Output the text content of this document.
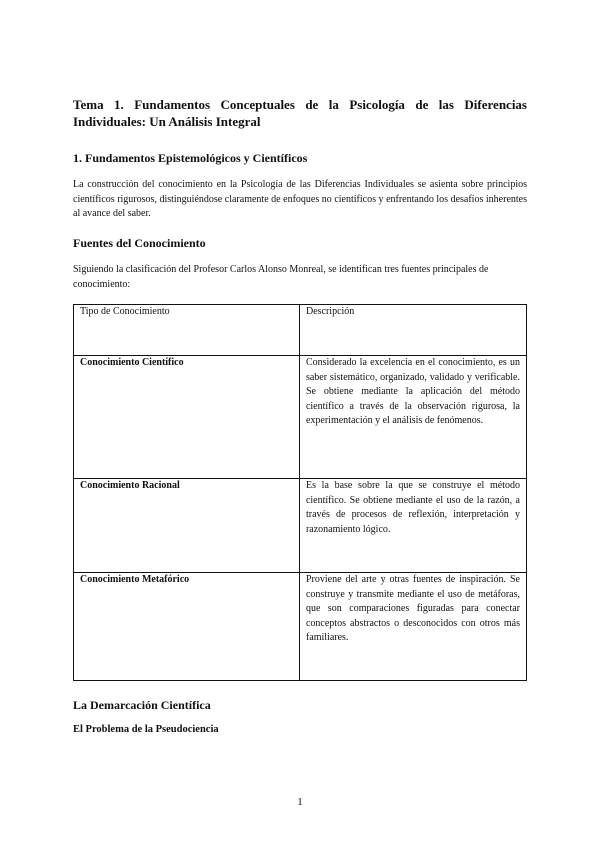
Tema 1. Fundamentos Conceptuales de la Psicología de las Diferencias Individuales: Un Análisis Integral
1. Fundamentos Epistemológicos y Científicos
La construcción del conocimiento en la Psicología de las Diferencias Individuales se asienta sobre principios científicos rigurosos, distinguiéndose claramente de enfoques no científicos y enfrentando los desafíos inherentes al avance del saber.
Fuentes del Conocimiento
Siguiendo la clasificación del Profesor Carlos Alonso Monreal, se identifican tres fuentes principales de conocimiento:
Tipo de Conocimiento	Descripción
Conocimiento Científico	Considerado la excelencia en el conocimiento, es un saber sistemático, organizado, validado y verificable. Se obtiene mediante la aplicación del método científico a través de la observación rigurosa, la experimentación y el análisis de fenómenos.
Conocimiento Racional	Es la base sobre la que se construye el método científico. Se obtiene mediante el uso de la razón, a través de procesos de reflexión, interpretación y razonamiento lógico.
Conocimiento Metafórico	Proviene del arte y otras fuentes de inspiración. Se construye y transmite mediante el uso de metáforas, que son comparaciones figuradas para conectar conceptos abstractos o desconocidos con otros más familiares.
La Demarcación Científica
El Problema de la Pseudociencia
1
